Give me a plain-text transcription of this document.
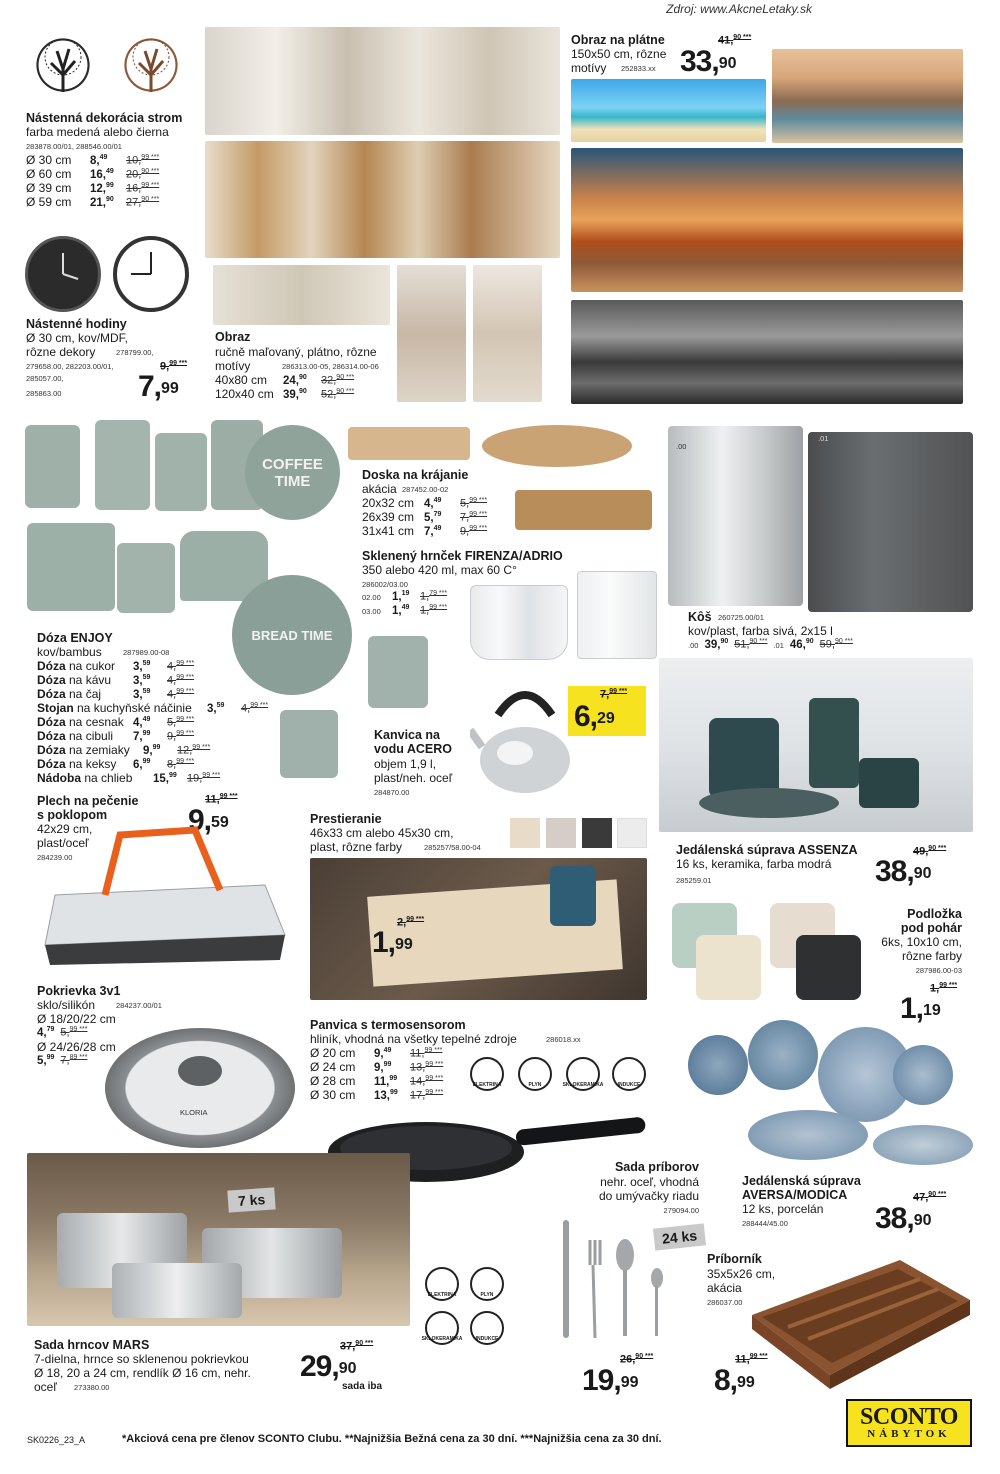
Zdroj: www.AkcneLetaky.sk
Nástenná dekorácia strom
farba medená alebo čierna
283878.00/01, 288546.00/01
Ø 30 cm	8,49	10,$^{99 ***}$
Ø 60 cm	16,49	20,$^{90 ***}$
Ø 39 cm	12,99	16,$^{99 ***}$
Ø 59 cm	21,90	27,$^{90 ***}$
Nástenné hodiny
Ø 30 cm, kov/MDF,
rôzne dekory	278799.00,
279658.00, 282203.00/01,
285057.00,
285863.00
9,$^{99 ***}$
7,99
Obraz
ručně maľovaný, plátno, rôzne
motívy	286313.00-05, 286314.00-06
40x80 cm	24,90	32,$^{90 ***}$
120x40 cm 39,90	52,$^{90 ***}$
Obraz na plátne
150x50 cm, rôzne
motívy 252833.xx
41,$^{90 ***}$
33,90
COFFEE TIME
BREAD TIME
Dóza ENJOY
kov/bambus	287989.00-08
Dóza na cukor	3,59	4,$^{99 ***}$
Dóza na kávu	3,59	4,$^{99 ***}$
Dóza na čaj	3,59	4,$^{99 ***}$
Stojan na kuchyňské náčinie	3,59	4,$^{99 ***}$
Dóza na cesnak 4,49	5,$^{99 ***}$
Dóza na cibuli	7,99	9,$^{99 ***}$
Dóza na zemiaky	9,99	12,$^{99 ***}$
Dóza na keksy	6,99	8,$^{99 ***}$
Nádoba na chlieb	15,99 19,$^{99 ***}$
Doska na krájanie
akácia 287452.00-02
20x32 cm 4,49	5,$^{99 ***}$
26x39 cm 5,79	7,$^{99 ***}$
31x41 cm 7,49	9,$^{99 ***}$
Sklenený hrnček FIRENZA/ADRIO
350 alebo 420 ml, max 60 C°
286002/03.00
02.00 1,19 1,$^{79 ***}$
03.00 1,49 1,$^{99 ***}$
.00
.01
Kôš 260725.00/01
kov/plast, farba sivá, 2x15 l
.00 39,90 51,$^{90 ***}$ .01 46,90 59,$^{90 ***}$
7,$^{99 ***}$
6,29
Kanvica na
vodu ACERO
objem 1,9 l,
plast/neh. oceľ
284870.00
Jedálenská súprava ASSENZA
16 ks, keramika, farba modrá
285259.01
49,$^{90 ***}$
38,90
Plech na pečenie
s poklopom
42x29 cm,
plast/oceľ
284239.00
11,$^{99 ***}$
9,59	Prestieranie
46x33 cm alebo 45x30 cm,
plast, rôzne farby	285257/58.00-04
2,$^{99 ***}$
1,99
Podložka
pod pohár
6ks, 10x10 cm,
rôzne farby
287986.00-03
1,$^{99 ***}$
1,19
Pokrievka 3v1
sklo/silikón	284237.00/01
Ø 18/20/22 cm
4,79 5,$^{99 ***}$
Ø 24/26/28 cm
5,99 7,$^{89 ***}$
KLORIA
Panvica s termosensorom
hliník, vhodná na všetky tepelné zdroje	286018.xx
Ø 20 cm	9,49	11,$^{99 ***}$
Ø 24 cm	9,99	13,$^{99 ***}$
Ø 28 cm	11,99	14,$^{99 ***}$
Ø 30 cm	13,99	17,$^{99 ***}$
ELEKTRINA	PLYN	SKLOKERAMIKA	INDUKCE
Jedálenská súprava
AVERSA/MODICA
12 ks, porcelán
288444/45.00
47,$^{90 ***}$
38,90
7 ks
Sada hrncov MARS
7-dielna, hrnce so sklenenou pokrievkou
Ø 18, 20 a 24 cm, rendlík Ø 16 cm, nehr.
oceľ 273380.00
37,$^{90 ***}$
29,90
sada iba
ELEKTRINA	PLYN
SKLOKERAMIKA	INDUKCE
Sada príborov
nehr. oceľ, vhodná
do umývačky riadu
279094.00
24 ks
26,$^{90 ***}$
19,99
Príborník
35x5x26 cm,
akácia
286037.00
11,$^{99 ***}$
8,99
SCONTO
NÁBYTOK
SK0226_23_A	*Akciová cena pre členov SCONTO Clubu. **Najnižšia Bežná cena za 30 dní. ***Najnižšia cena za 30 dní.
